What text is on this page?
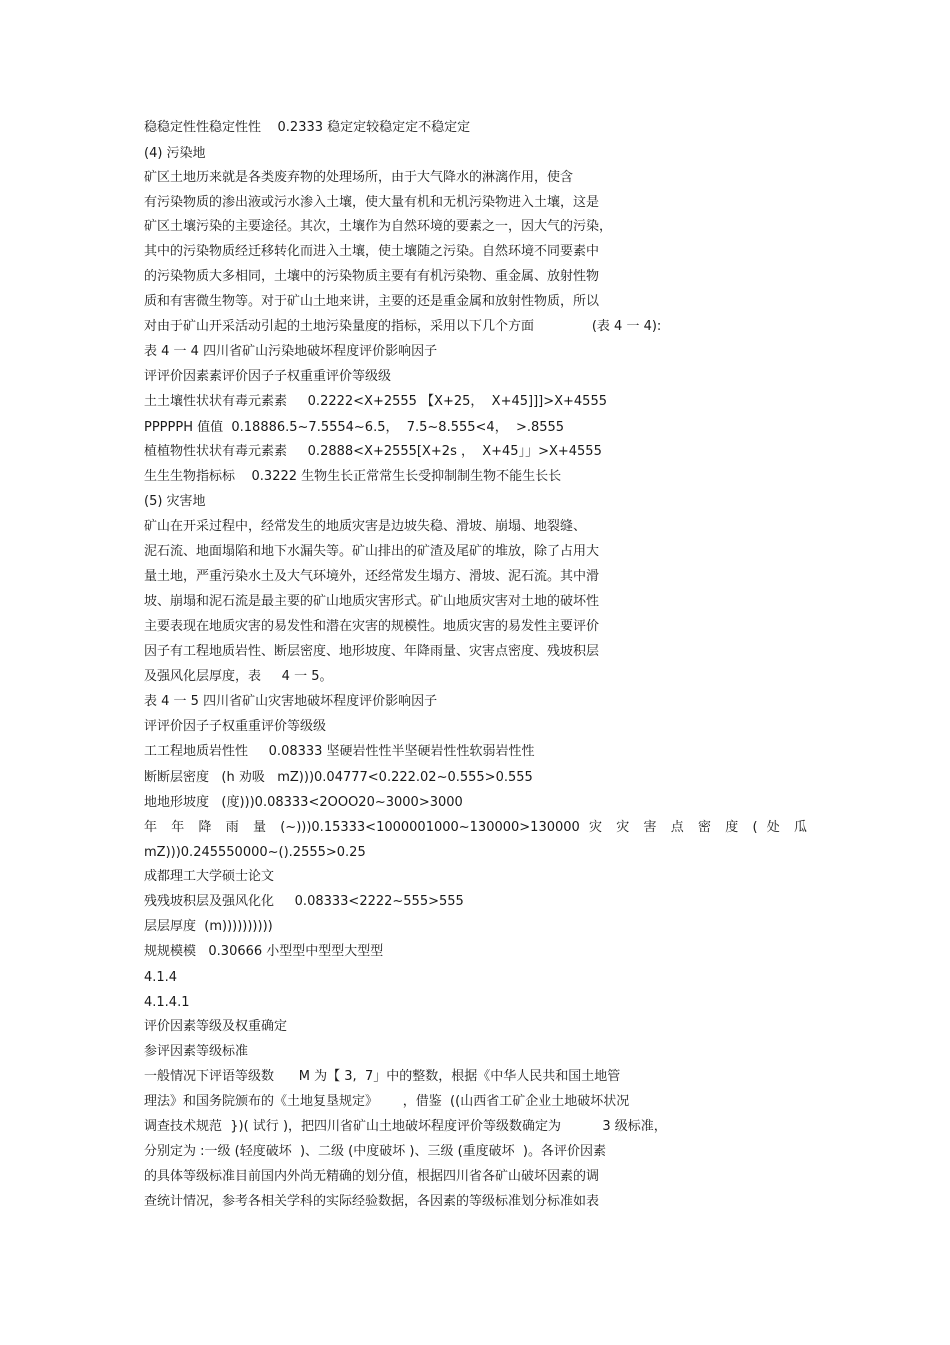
稳稳定性性稳定性性    0.2333 稳定定较稳定定不稳定定
(4) 污染地
矿区土地历来就是各类废弃物的处理场所，由于大气降水的淋漓作用，使含
有污染物质的渗出液或污水渗入土壤，使大量有机和无机污染物进入土壤，这是
矿区土壤污染的主要途径。其次，土壤作为自然环境的要素之一，因大气的污染，
其中的污染物质经迁移转化而进入土壤，使土壤随之污染。自然环境不同要素中
的污染物质大多相同，土壤中的污染物质主要有有机污染物、重金属、放射性物
质和有害微生物等。对于矿山土地来讲，主要的还是重金属和放射性物质，所以
对由于矿山开采活动引起的土地污染量度的指标，采用以下几个方面              (表 4 一 4):
表 4 一 4 四川省矿山污染地破坏程度评价影响因子
评评价因素素评价因子子权重重评价等级级
土土壤性状状有毒元素素     0.2222<X+2555 【X+25，  X+45]]]>X+4555
PPPPPH 值值  0.18886.5~7.5554~6.5，  7.5~8.555<4，  >.8555
植植物性状状有毒元素素     0.2888<X+2555[X+2s ，  X+45」」>X+4555
生生生物指标标    0.3222 生物生长正常常生长受抑制制生物不能生长长
(5) 灾害地
矿山在开采过程中，经常发生的地质灾害是边坡失稳、滑坡、崩塌、地裂缝、
泥石流、地面塌陷和地下水漏失等。矿山排出的矿渣及尾矿的堆放，除了占用大
量土地，严重污染水土及大气环境外，还经常发生塌方、滑坡、泥石流。其中滑
坡、崩塌和泥石流是最主要的矿山地质灾害形式。矿山地质灾害对土地的破坏性
主要表现在地质灾害的易发性和潜在灾害的规模性。地质灾害的易发性主要评价
因子有工程地质岩性、断层密度、地形坡度、年降雨量、灾害点密度、残坡积层
及强风化层厚度，表     4 一 5。
表 4 一 5 四川省矿山灾害地破坏程度评价影响因子
评评价因子子权重重评价等级级
工工程地质岩性性     0.08333 坚硬岩性性半坚硬岩性性软弱岩性性
断断层密度   (h 劝吸   mZ)))0.04777<0.222.02~0.555>0.555
地地形坡度   (度)))0.08333<2OOO20~3000>3000
年 年 降 雨 量 (~)))0.15333<1000001000~130000>130000 灾 灾 害 点 密 度 ( 处 瓜
mZ)))0.245550000~().2555>0.25
成都理工大学硕士论文
残残坡积层及强风化化     0.08333<2222~555>555
层层厚度  (m))))))))))
规规模模   0.30666 小型型中型型大型型
4.1.4
4.1.4.1
评价因素等级及权重确定
参评因素等级标准
一般情况下评语等级数      M 为【 3,  7」中的整数，根据《中华人民共和国土地管
理法》和国务院颁布的《土地复垦规定》      ，借鉴  ((山西省工矿企业土地破坏状况
调查技术规范  })( 试行 )，把四川省矿山土地破坏程度评价等级数确定为          3 级标准，
分别定为 :一级 (轻度破坏  )、二级 (中度破坏 )、三级 (重度破坏  )。各评价因素
的具体等级标准目前国内外尚无精确的划分值，根据四川省各矿山破坏因素的调
查统计情况，参考各相关学科的实际经验数据，各因素的等级标准划分标准如表
